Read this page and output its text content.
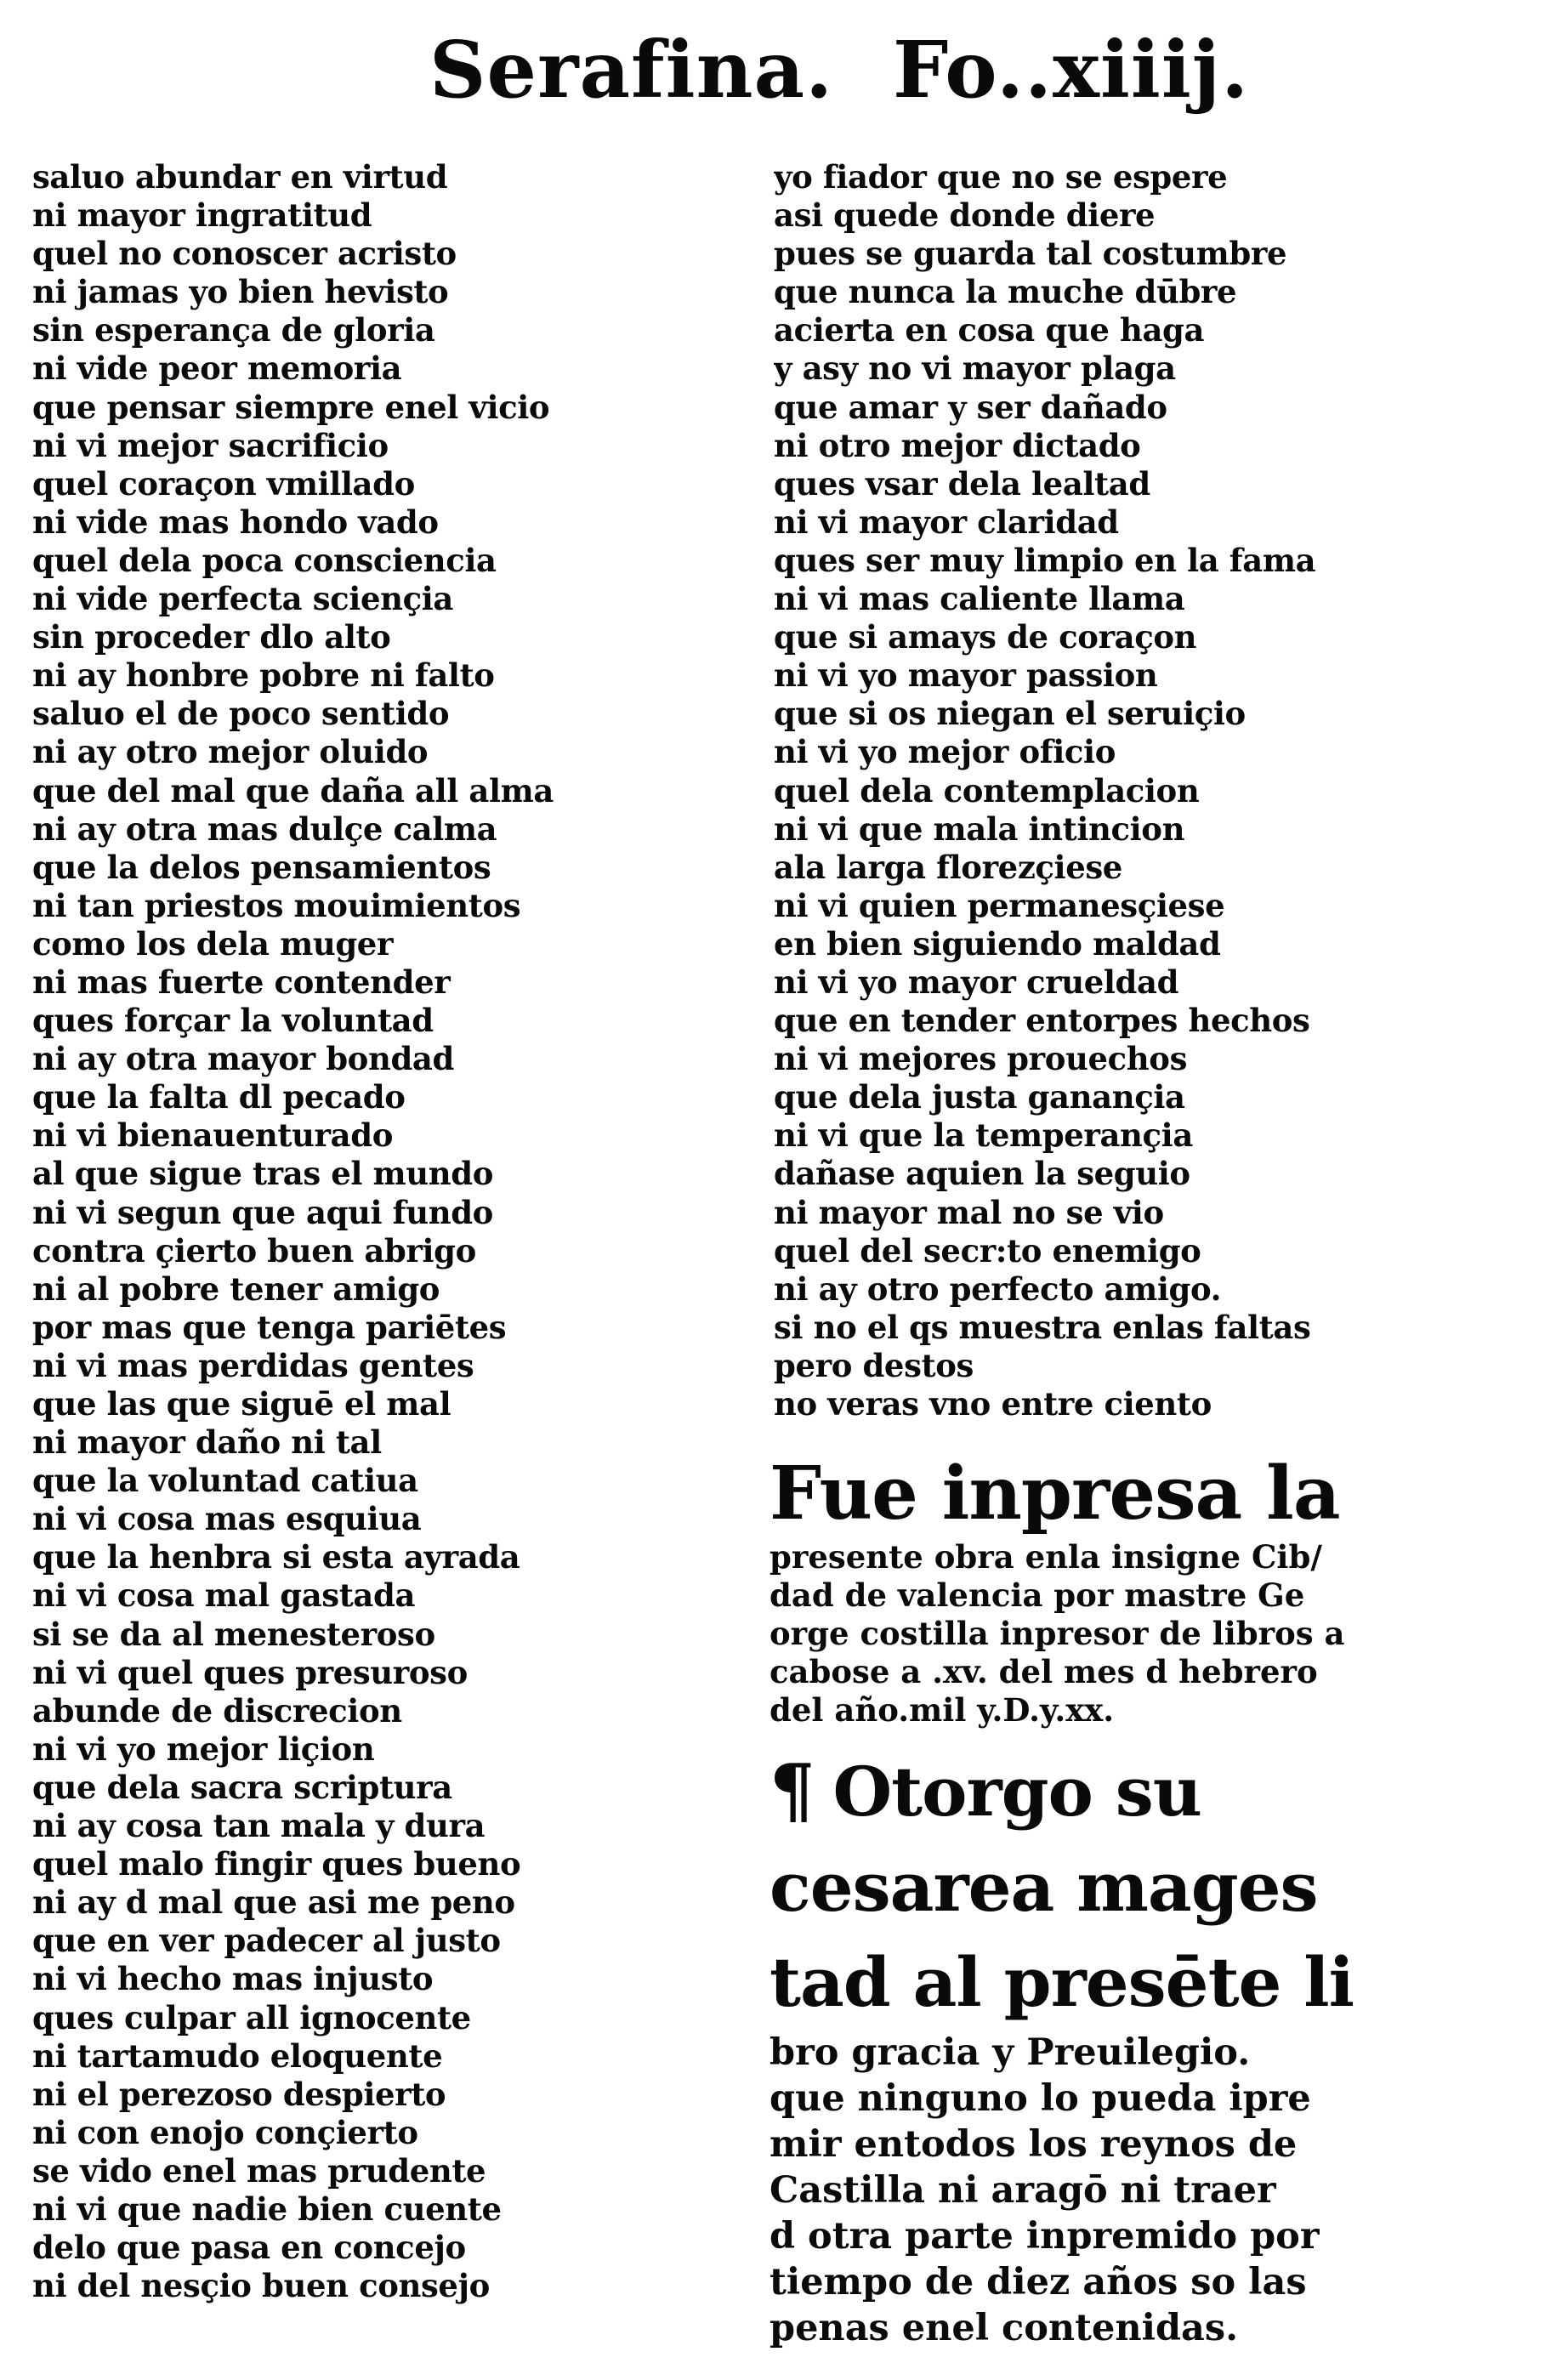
Serafina. Fo..xiiij.
saluo abundar en virtud
ni mayor ingratitud
quel no conoscer acristo
ni jamas yo bien hevisto
sin esperança de gloria
ni vide peor memoria
que pensar siempre enel vicio
ni vi mejor sacrificio
quel coraçon vmillado
ni vide mas hondo vado
quel dela poca consciencia
ni vide perfecta sciençia
sin proceder dlo alto
ni ay honbre pobre ni falto
saluo el de poco sentido
ni ay otro mejor oluido
que del mal que daña all alma
ni ay otra mas dulçe calma
que la delos pensamientos
ni tan priestos mouimientos
como los dela muger
ni mas fuerte contender
ques forçar la voluntad
ni ay otra mayor bondad
que la falta dl pecado
ni vi bienauenturado
al que sigue tras el mundo
ni vi segun que aqui fundo
contra çierto buen abrigo
ni al pobre tener amigo
por mas que tenga pariētes
ni vi mas perdidas gentes
que las que siguē el mal
ni mayor daño ni tal
que la voluntad catiua
ni vi cosa mas esquiua
que la henbra si esta ayrada
ni vi cosa mal gastada
si se da al menesteroso
ni vi quel ques presuroso
abunde de discrecion
ni vi yo mejor liçion
que dela sacra scriptura
ni ay cosa tan mala y dura
quel malo fingir ques bueno
ni ay d mal que asi me peno
que en ver padecer al justo
ni vi hecho mas injusto
ques culpar all ignocente
ni tartamudo eloquente
ni el perezoso despierto
ni con enojo conçierto
se vido enel mas prudente
ni vi que nadie bien cuente
delo que pasa en concejo
ni del nesçio buen consejo
yo fiador que no se espere
asi quede donde diere
pues se guarda tal costumbre
que nunca la muche dūbre
acierta en cosa que haga
y asy no vi mayor plaga
que amar y ser dañado
ni otro mejor dictado
ques vsar dela lealtad
ni vi mayor claridad
ques ser muy limpio en la fama
ni vi mas caliente llama
que si amays de coraçon
ni vi yo mayor passion
que si os niegan el seruiçio
ni vi yo mejor oficio
quel dela contemplacion
ni vi que mala intincion
ala larga florezçiese
ni vi quien permanesçiese
en bien siguiendo maldad
ni vi yo mayor crueldad
que en tender entorpes hechos
ni vi mejores prouechos
que dela justa ganançia
ni vi que la temperançia
dañase aquien la seguio
ni mayor mal no se vio
quel del secr:to enemigo
ni ay otro perfecto amigo.
si no el qs muestra enlas faltas
pero destos
no veras vno entre ciento

Fue inpresa la

presente obra enla insigne Cib/

dad de valencia por mastre Ge

orge costilla inpresor de libros a

cabose a .xv. del mes d hebrero

del año.mil y.D.y.xx.

¶ Otorgo su

cesarea mages

tad al presēte li

bro gracia y Preuilegio.

que ninguno lo pueda ipre

mir entodos los reynos de

Castilla ni aragō ni traer

d otra parte inpremido por

tiempo de diez años so las

penas enel contenidas.
